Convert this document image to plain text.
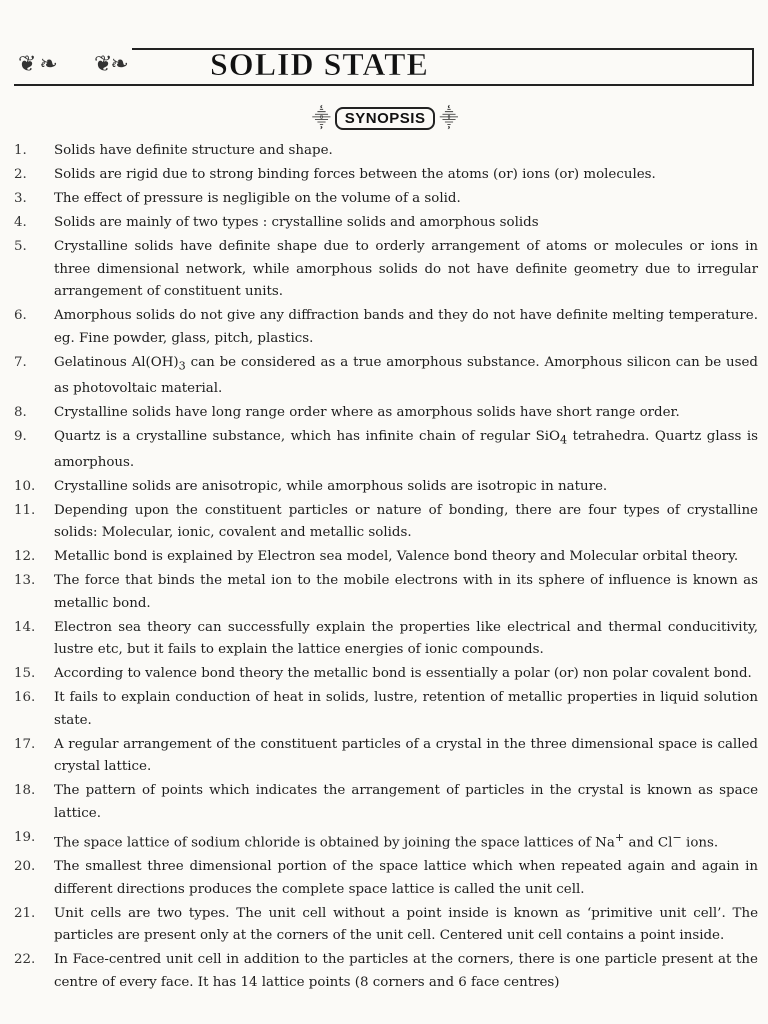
❦ ❧ ❦❧	SOLID STATE
⸎ SYNOPSIS ⸎
1.	Solids have definite structure and shape.
2.	Solids are rigid due to strong binding forces between the atoms (or) ions (or) molecules.
3.	The effect of pressure is negligible on the volume of a solid.
4.	Solids are mainly of two types : crystalline solids and amorphous solids
5.	Crystalline solids have definite shape due to orderly arrangement of atoms or molecules or ions in three dimensional network, while amorphous solids do not have definite geometry due to irregular arrangement of constituent units.
6.	Amorphous solids do not give any diffraction bands and they do not have definite melting temperature. eg. Fine powder, glass, pitch, plastics.
7.	Gelatinous $Al(OH)_3$ can be considered as a true amorphous substance. Amorphous silicon can be used as photovoltaic material.
8.	Crystalline solids have long range order where as amorphous solids have short range order.
9.	Quartz is a crystalline substance, which has infinite chain of regular SiO$_4$ tetrahedra. Quartz glass is amorphous.
10.	Crystalline solids are anisotropic, while amorphous solids are isotropic in nature.
11.	Depending upon the constituent particles or nature of bonding, there are four types of crystalline solids: Molecular, ionic, covalent and metallic solids.
12.	Metallic bond is explained by Electron sea model, Valence bond theory and Molecular orbital theory.
13.	The force that binds the metal ion to the mobile electrons with in its sphere of influence is known as metallic bond.
14.	Electron sea theory can successfully explain the properties like electrical and thermal conducitivity, lustre etc, but it fails to explain the lattice energies of ionic compounds.
15.	According to valence bond theory the metallic bond is essentially a polar (or) non polar covalent bond.
16.	It fails to explain conduction of heat in solids, lustre, retention of metallic properties in liquid solution state.
17.	A regular arrangement of the constituent particles of a crystal in the three dimensional space is called crystal lattice.
18.	The pattern of points which indicates the arrangement of particles in the crystal is known as space lattice.
19.	The space lattice of sodium chloride is obtained by joining the space lattices of Na+ and Cl− ions.
20.	The smallest three dimensional portion of the space lattice which when repeated again and again in different directions produces the complete space lattice is called the unit cell.
21.	Unit cells are two types. The unit cell without a point inside is known as ‘primitive unit cell’. The particles are present only at the corners of the unit cell. Centered unit cell contains a point inside.
22.	In Face-centred unit cell in addition to the particles at the corners, there is one particle present at the centre of every face. It has 14 lattice points (8 corners and 6 face centres)
